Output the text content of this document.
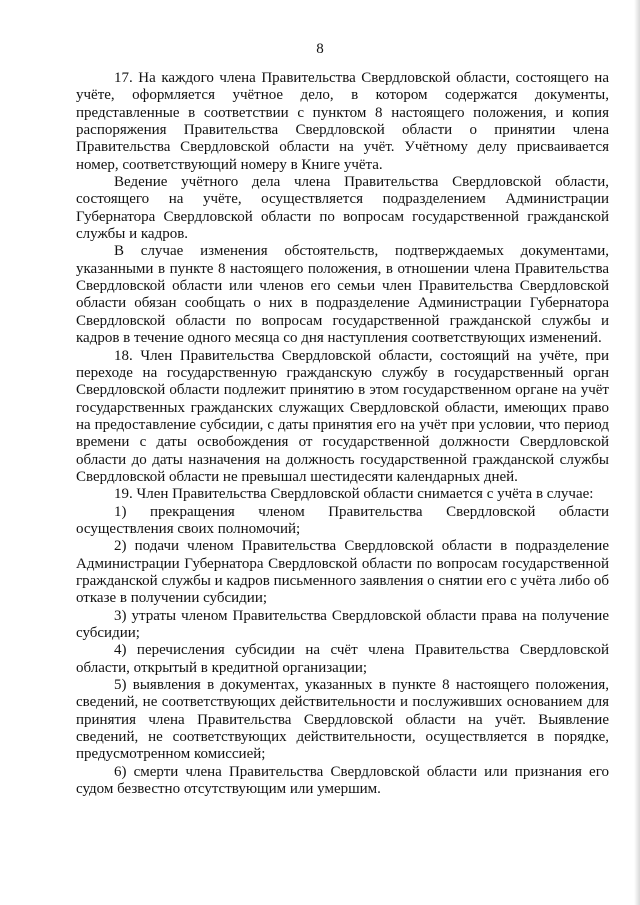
8

17. На каждого члена Правительства Свердловской области, состоящего на учёте, оформляется учётное дело, в котором содержатся документы, представленные в соответствии с пунктом 8 настоящего положения, и копия распоряжения Правительства Свердловской области о принятии члена Правительства Свердловской области на учёт. Учётному делу присваивается номер, соответствующий номеру в Книге учёта.

Ведение учётного дела члена Правительства Свердловской области, состоящего на учёте, осуществляется подразделением Администрации Губернатора Свердловской области по вопросам государственной гражданской службы и кадров.

В случае изменения обстоятельств, подтверждаемых документами, указанными в пункте 8 настоящего положения, в отношении члена Правительства Свердловской области или членов его семьи член Правительства Свердловской области обязан сообщать о них в подразделение Администрации Губернатора Свердловской области по вопросам государственной гражданской службы и кадров в течение одного месяца со дня наступления соответствующих изменений.

18. Член Правительства Свердловской области, состоящий на учёте, при переходе на государственную гражданскую службу в государственный орган Свердловской области подлежит принятию в этом государственном органе на учёт государственных гражданских служащих Свердловской области, имеющих право на предоставление субсидии, с даты принятия его на учёт при условии, что период времени с даты освобождения от государственной должности Свердловской области до даты назначения на должность государственной гражданской службы Свердловской области не превышал шестидесяти календарных дней.

19. Член Правительства Свердловской области снимается с учёта в случае:

1) прекращения членом Правительства Свердловской области осуществления своих полномочий;

2) подачи членом Правительства Свердловской области в подразделение Администрации Губернатора Свердловской области по вопросам государственной гражданской службы и кадров письменного заявления о снятии его с учёта либо об отказе в получении субсидии;

3) утраты членом Правительства Свердловской области права на получение субсидии;

4) перечисления субсидии на счёт члена Правительства Свердловской области, открытый в кредитной организации;

5) выявления в документах, указанных в пункте 8 настоящего положения, сведений, не соответствующих действительности и послуживших основанием для принятия члена Правительства Свердловской области на учёт. Выявление сведений, не соответствующих действительности, осуществляется в порядке, предусмотренном комиссией;

6) смерти члена Правительства Свердловской области или признания его судом безвестно отсутствующим или умершим.
